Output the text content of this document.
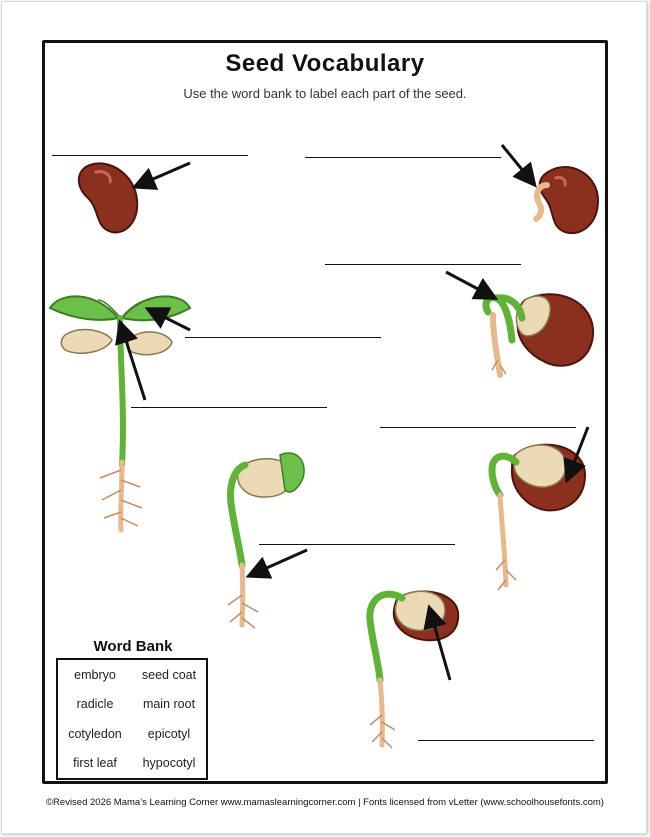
Seed Vocabulary
Use the word bank to label each part of the seed.
Word Bank
embryo seed coat
radicle main root
cotyledon epicotyl
first leaf hypocotyl
©Revised 2026 Mama’s Learning Corner www.mamaslearningcorner.com | Fonts licensed from vLetter (www.schoolhousefonts.com)
